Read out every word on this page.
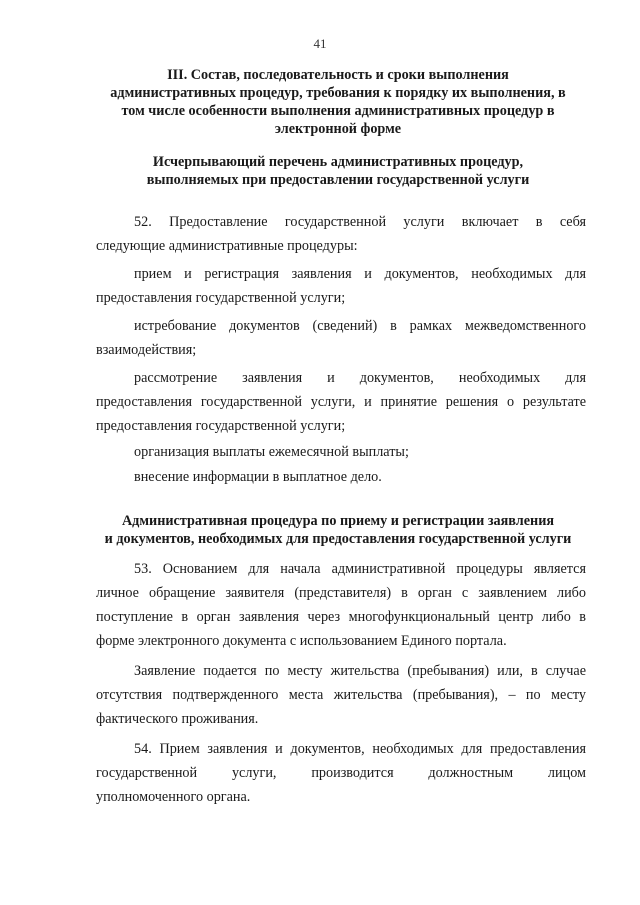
41
III. Состав, последовательность и сроки выполнения
административных процедур, требования к порядку их выполнения, в
том числе особенности выполнения административных процедур в
электронной форме
Исчерпывающий перечень административных процедур,
выполняемых при предоставлении государственной услуги
52. Предоставление государственной услуги включает в себя
следующие административные процедуры:
прием и регистрация заявления и документов, необходимых для
предоставления государственной услуги;
истребование документов (сведений) в рамках межведомственного
взаимодействия;
рассмотрение заявления и документов, необходимых для
предоставления государственной услуги, и принятие решения о результате
предоставления государственной услуги;
организация выплаты ежемесячной выплаты;
внесение информации в выплатное дело.
Административная процедура по приему и регистрации заявления
и документов, необходимых для предоставления государственной услуги
53. Основанием для начала административной процедуры является
личное обращение заявителя (представителя) в орган с заявлением либо
поступление в орган заявления через многофункциональный центр либо в
форме электронного документа с использованием Единого портала.
Заявление подается по месту жительства (пребывания) или, в случае
отсутствия подтвержденного места жительства (пребывания), – по месту
фактического проживания.
54. Прием заявления и документов, необходимых для предоставления
государственной услуги, производится должностным лицом
уполномоченного органа.
